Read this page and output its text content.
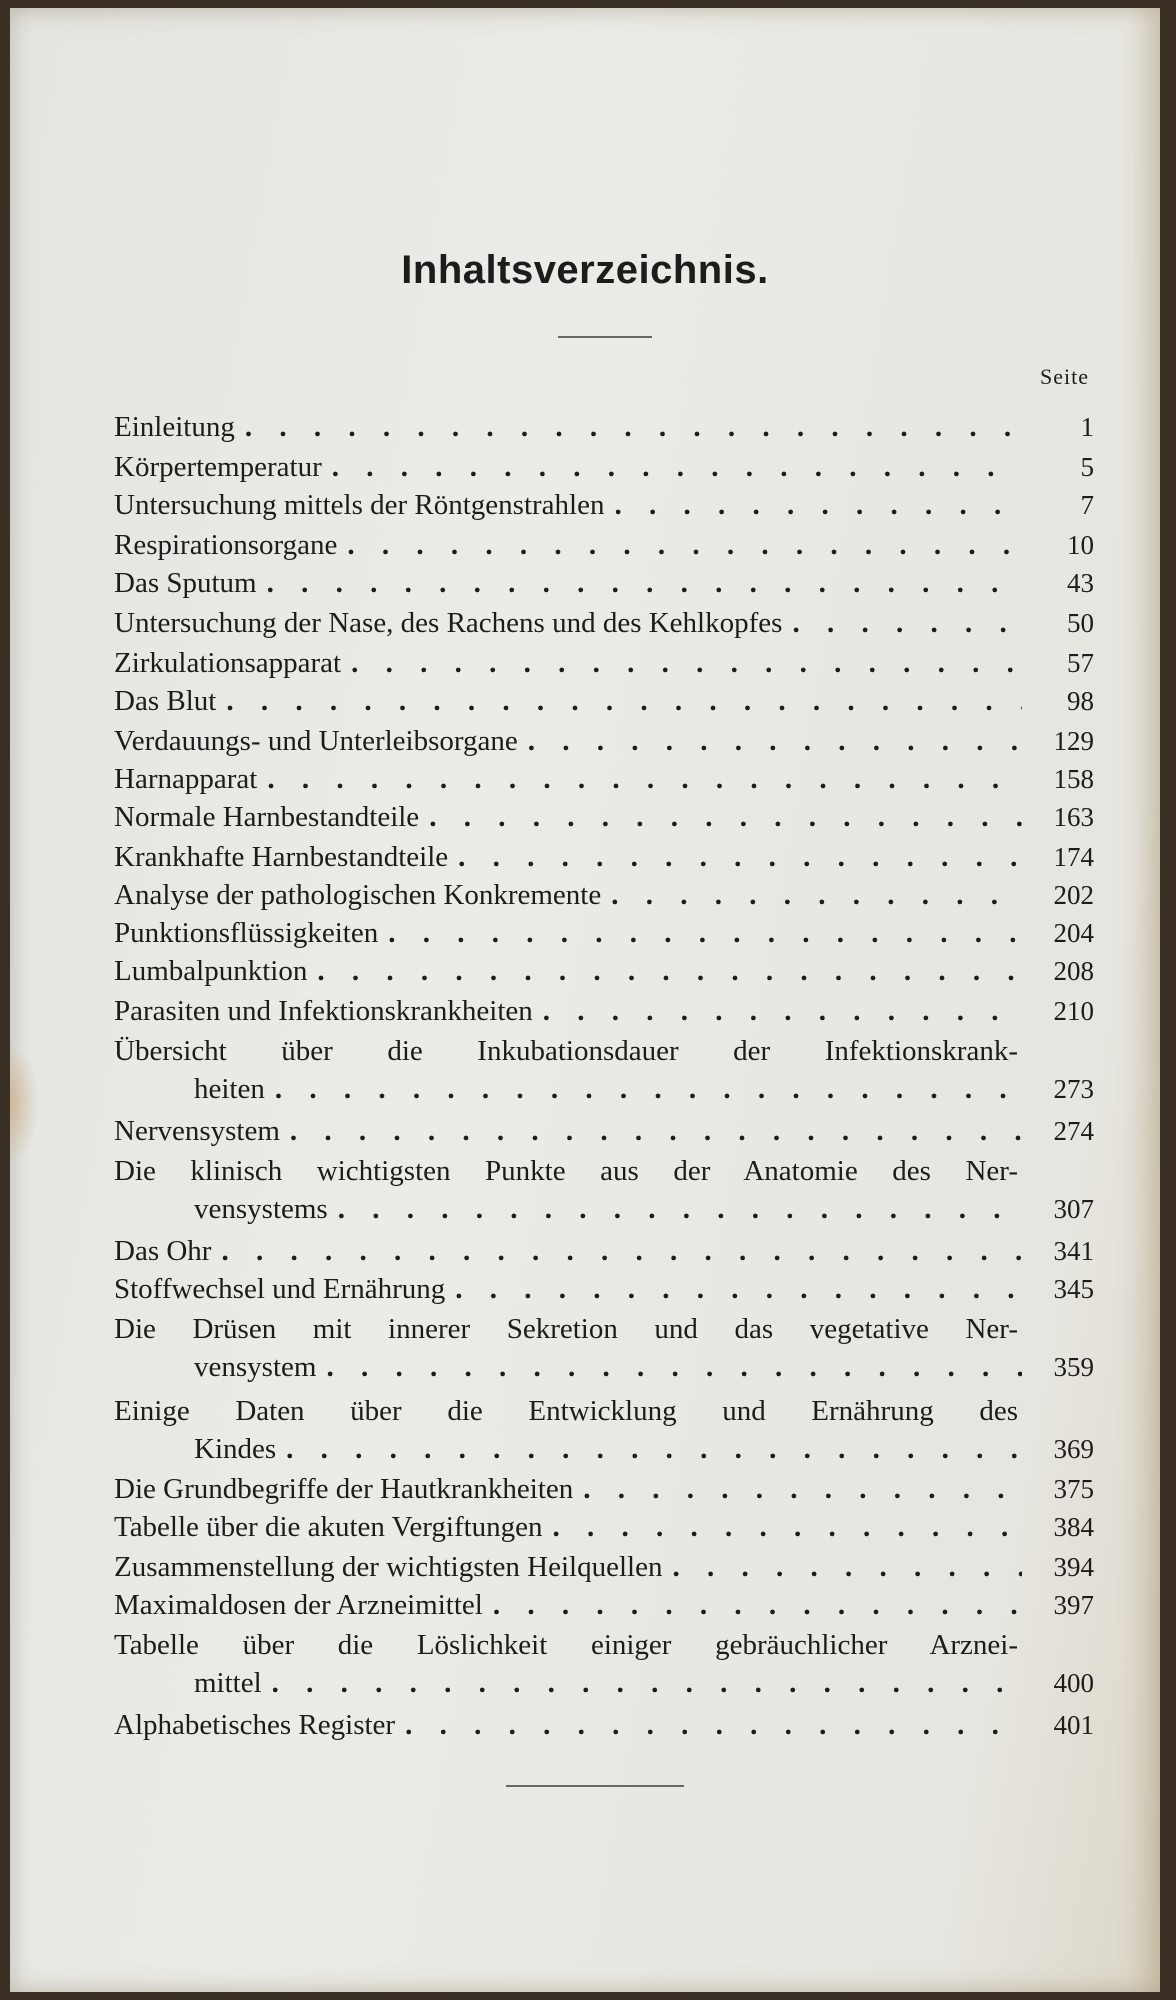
Inhaltsverzeichnis.
Seite
Einleitung . . .	1
Körpertemperatur . . .	5
Untersuchung mittels der Röntgenstrahlen . . .	7
Respirationsorgane . . .	10
Das Sputum . . .	43
Untersuchung der Nase, des Rachens und des Kehlkopfes . . .	50
Zirkulationsapparat . . .	57
Das Blut . . .	98
Verdauungs- und Unterleibsorgane . . .	129
Harnapparat . . .	158
Normale Harnbestandteile . . .	163
Krankhafte Harnbestandteile . . .	174
Analyse der pathologischen Konkremente . . .	202
Punktionsflüssigkeiten . . .	204
Lumbalpunktion . . .	208
Parasiten und Infektionskrankheiten . . .	210
Übersicht über die Inkubationsdauer der Infektionskrank-
heiten . . .	273
Nervensystem . . .	274
Die klinisch wichtigsten Punkte aus der Anatomie des Ner-
vensystems . . .	307
Das Ohr . . .	341
Stoffwechsel und Ernährung . . .	345
Die Drüsen mit innerer Sekretion und das vegetative Ner-
vensystem . . .	359
Einige Daten über die Entwicklung und Ernährung des
Kindes . . .	369
Die Grundbegriffe der Hautkrankheiten . . .	375
Tabelle über die akuten Vergiftungen . . .	384
Zusammenstellung der wichtigsten Heilquellen . . .	394
Maximaldosen der Arzneimittel . . .	397
Tabelle über die Löslichkeit einiger gebräuchlicher Arznei-
mittel . . .	400
Alphabetisches Register . . .	401
